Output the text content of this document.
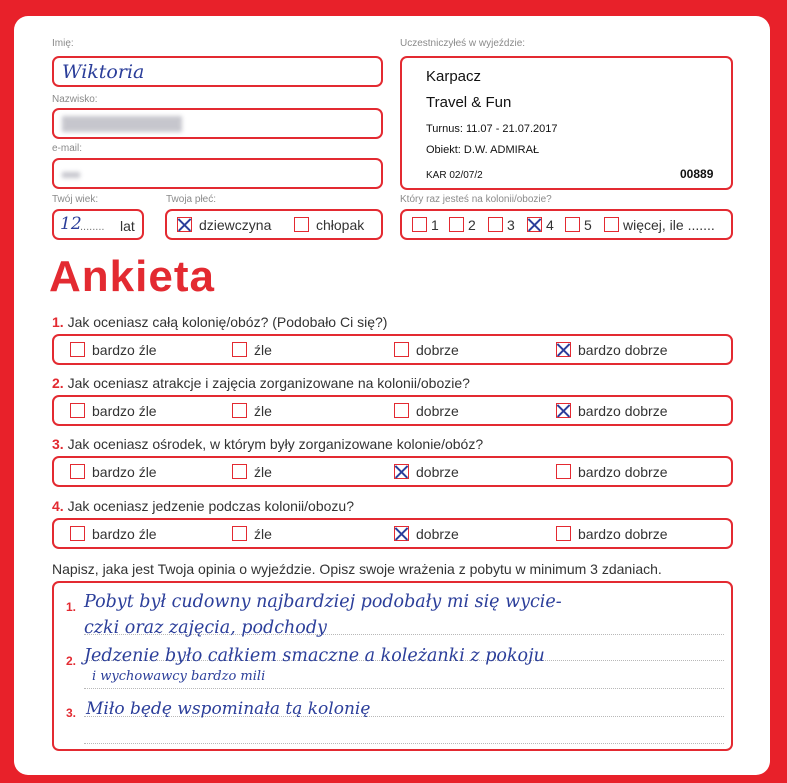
Imię:
Wiktoria
Nazwisko:
e-mail:
Twój wiek:
12
........ lat
Twoja płeć:
dziewczyna	chłopak
Uczestniczyłeś w wyjeździe:
Karpacz
Travel & Fun
Turnus: 11.07 - 21.07.2017
Obiekt: D.W. ADMIRAŁ
KAR 02/07/2	00889
Który raz jesteś na kolonii/obozie?
1 2 3 4 5 więcej, ile .......
Ankieta
1. Jak oceniasz całą kolonię/obóz? (Podobało Ci się?)
bardzo źle	źle	dobrze	bardzo dobrze
2. Jak oceniasz atrakcje i zajęcia zorganizowane na kolonii/obozie?
bardzo źle	źle	dobrze	bardzo dobrze
3. Jak oceniasz ośrodek, w którym były zorganizowane kolonie/obóz?
bardzo źle	źle	dobrze	bardzo dobrze
4. Jak oceniasz jedzenie podczas kolonii/obozu?
bardzo źle	źle	dobrze	bardzo dobrze
Napisz, jaka jest Twoja opinia o wyjeździe. Opisz swoje wrażenia z pobytu w minimum 3 zdaniach.
1.
2.
3.
Pobyt był cudowny najbardziej podobały mi się wycie-
czki oraz zajęcia, podchody
Jedzenie było całkiem smaczne a koleżanki z pokoju
i wychowawcy bardzo mili
Miło będę wspominała tą kolonię
